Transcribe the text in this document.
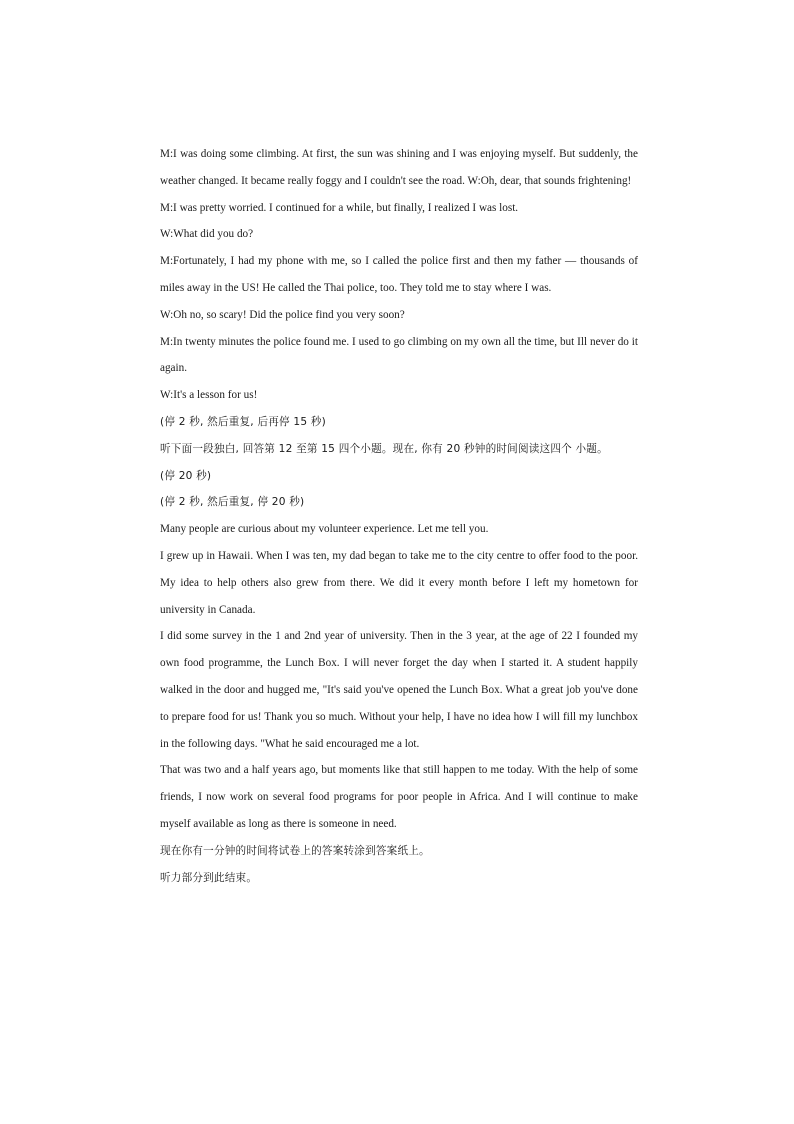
M:I was doing some climbing. At first, the sun was shining and I was enjoying myself. But suddenly, the weather changed. It became really foggy and I couldn't see the road. W:Oh, dear, that sounds frightening!

M:I was pretty worried. I continued for a while, but finally, I realized I was lost.

W:What did you do?

M:Fortunately, I had my phone with me, so I called the police first and then my father — thousands of miles away in the US! He called the Thai police, too. They told me to stay where I was.

W:Oh no, so scary! Did the police find you very soon?

M:In twenty minutes the police found me. I used to go climbing on my own all the time, but Ill never do it again.

W:It's a lesson for us!

(停 2 秒, 然后重复, 后再停 15 秒)

听下面一段独白, 回答第 12 至第 15 四个小题。现在, 你有 20 秒钟的时间阅读这四个 小题。

(停 20 秒)

(停 2 秒, 然后重复, 停 20 秒)

Many people are curious about my volunteer experience. Let me tell you.

I grew up in Hawaii. When I was ten, my dad began to take me to the city centre to offer food to the poor. My idea to help others also grew from there. We did it every month before I left my hometown for university in Canada.

I did some survey in the 1 and 2nd year of university. Then in the 3 year, at the age of 22 I founded my own food programme, the Lunch Box. I will never forget the day when I started it. A student happily walked in the door and hugged me, "It's said you've opened the Lunch Box. What a great job you've done to prepare food for us! Thank you so much. Without your help, I have no idea how I will fill my lunchbox in the following days. "What he said encouraged me a lot.

That was two and a half years ago, but moments like that still happen to me today. With the help of some friends, I now work on several food programs for poor people in Africa. And I will continue to make myself available as long as there is someone in need.

现在你有一分钟的时间将试卷上的答案转涂到答案纸上。

听力部分到此结束。
